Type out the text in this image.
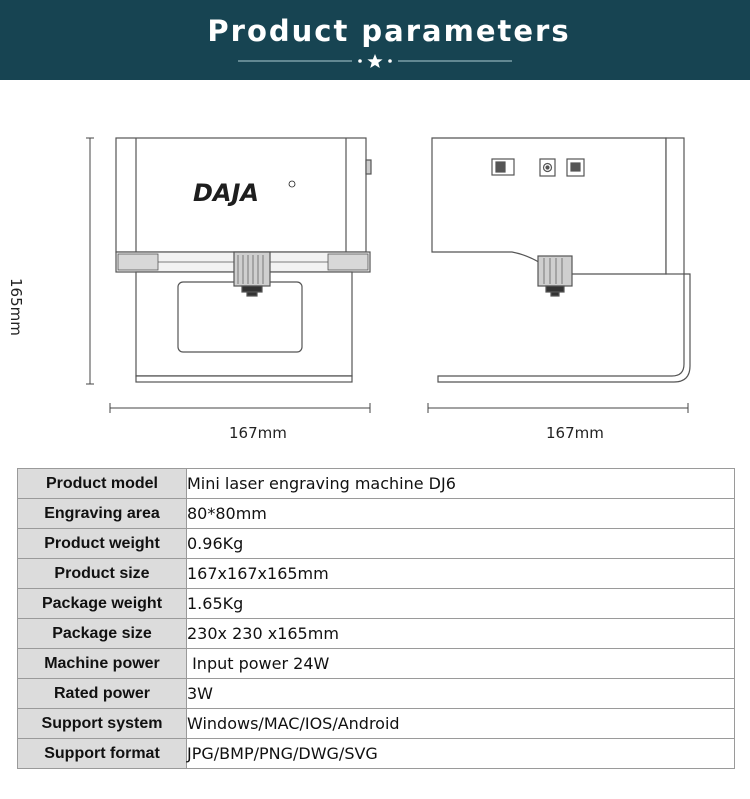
Product parameters
DAJA
165mm
167mm	167mm
Product model	Mini laser engraving machine DJ6
Engraving area	80*80mm
Product weight	0.96Kg
Product size	167x167x165mm
Package weight	1.65Kg
Package size	230x 230 x165mm
Machine power	Input power 24W
Rated power	3W
Support system	Windows/MAC/IOS/Android
Support format	JPG/BMP/PNG/DWG/SVG
